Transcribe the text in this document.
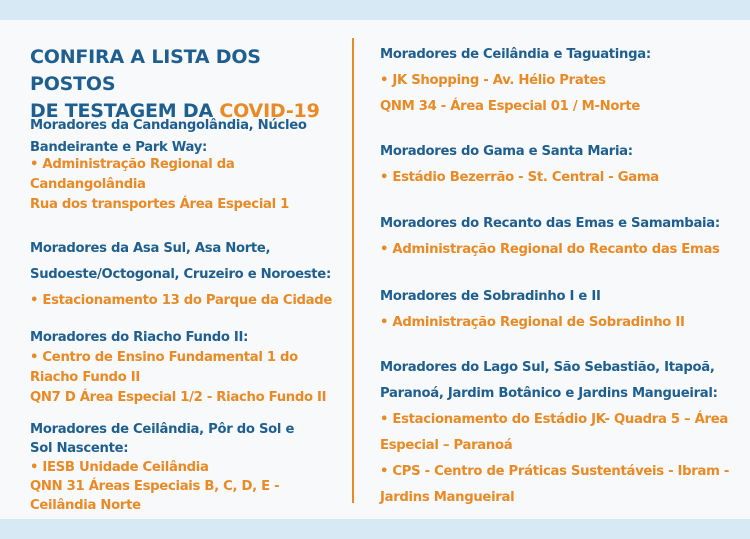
CONFIRA A LISTA DOS POSTOS
DE TESTAGEM DA COVID-19
Moradores da Candangolândia, Núcleo
Bandeirante e Park Way:
• Administração Regional da
Candangolândia
Rua dos transportes Área Especial 1
Moradores da Asa Sul, Asa Norte,
Sudoeste/Octogonal, Cruzeiro e Noroeste:
• Estacionamento 13 do Parque da Cidade
Moradores do Riacho Fundo II:
• Centro de Ensino Fundamental 1 do
Riacho Fundo II
QN7 D Área Especial 1/2 - Riacho Fundo II
Moradores de Ceilândia, Pôr do Sol e
Sol Nascente:
• IESB Unidade Ceilândia
QNN 31 Áreas Especiais B, C, D, E -
Ceilândia Norte
Moradores de Ceilândia e Taguatinga:
• JK Shopping - Av. Hélio Prates
QNM 34 - Área Especial 01 / M-Norte
Moradores do Gama e Santa Maria:
• Estádio Bezerrão - St. Central - Gama
Moradores do Recanto das Emas e Samambaia:
• Administração Regional do Recanto das Emas
Moradores de Sobradinho I e II
• Administração Regional de Sobradinho II
Moradores do Lago Sul, São Sebastião, Itapoã,
Paranoá, Jardim Botânico e Jardins Mangueiral:
• Estacionamento do Estádio JK- Quadra 5 – Área
Especial – Paranoá
• CPS - Centro de Práticas Sustentáveis - Ibram -
Jardins Mangueiral
